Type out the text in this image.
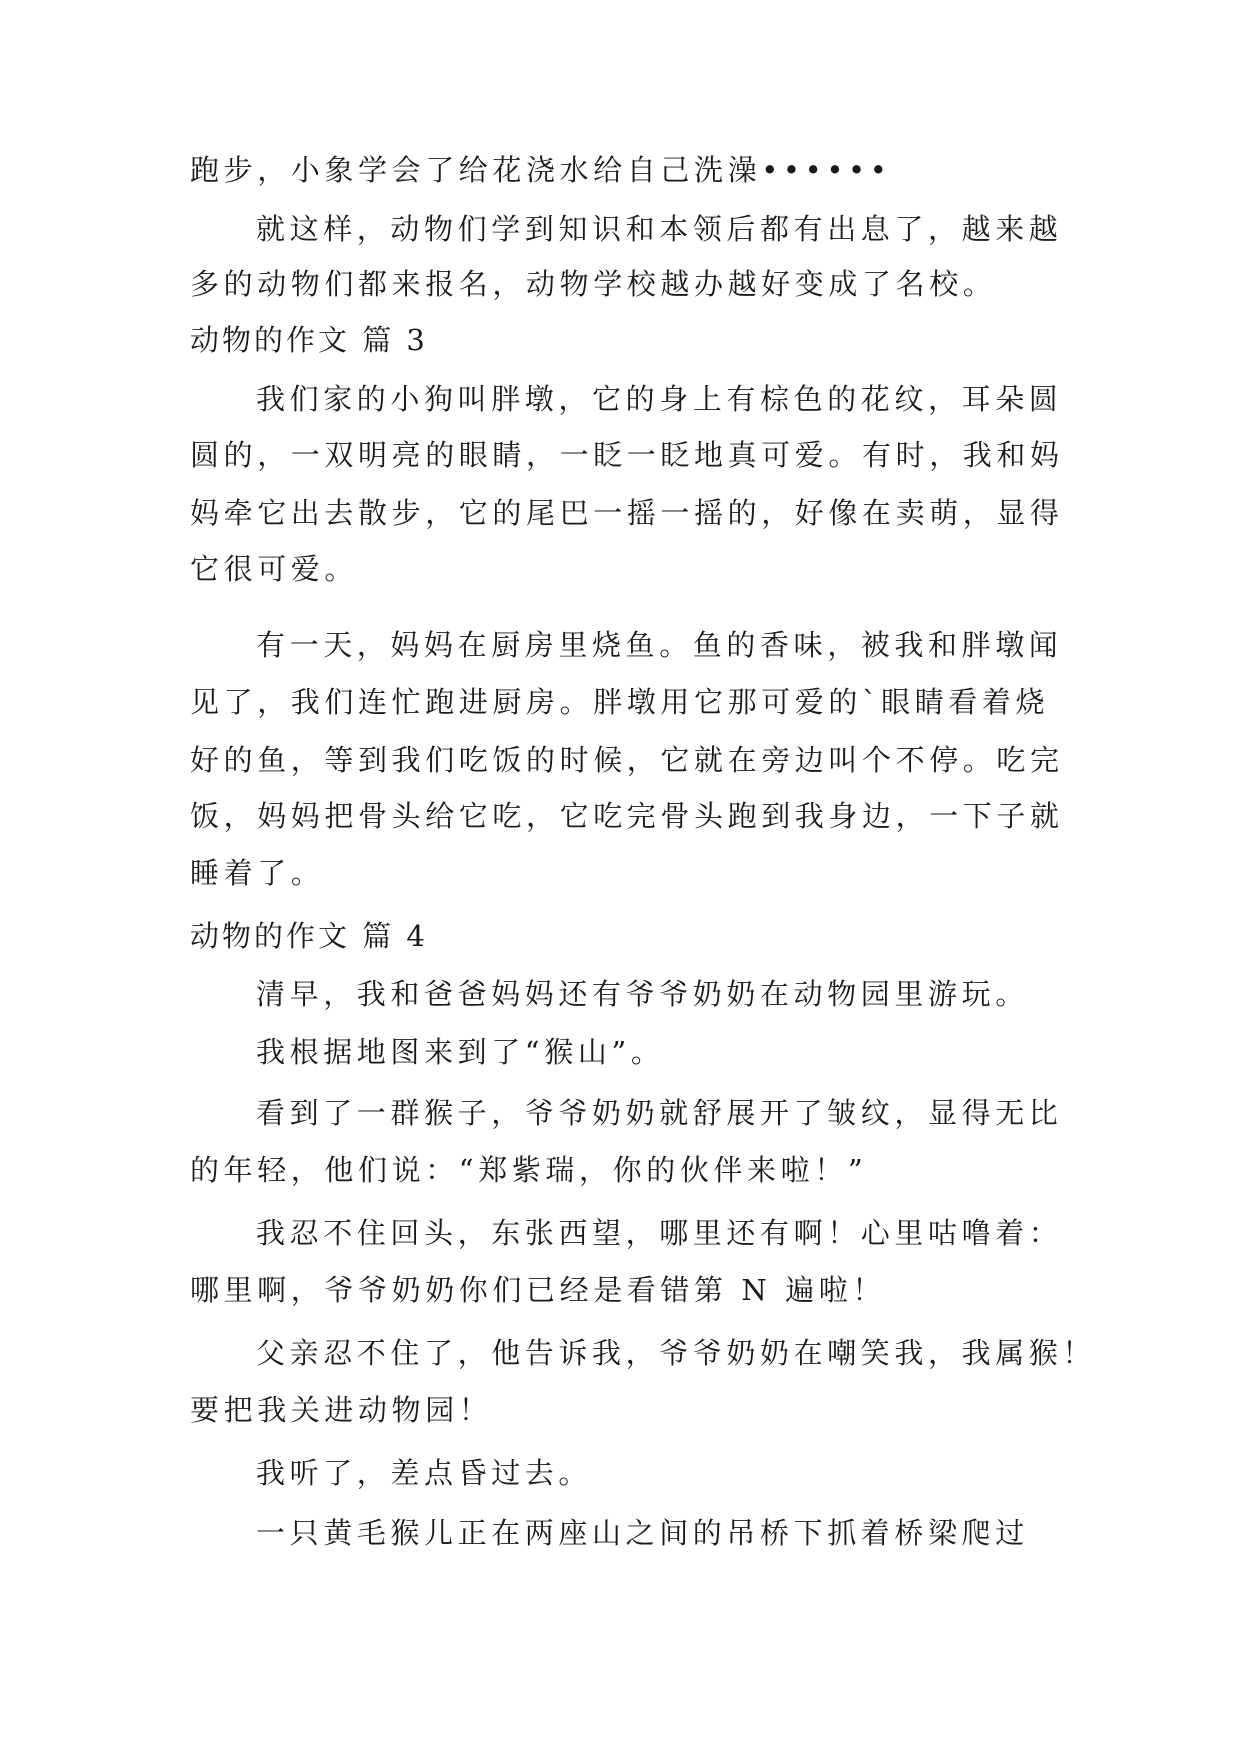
跑步，小象学会了给花浇水给自己洗澡••••••
就这样，动物们学到知识和本领后都有出息了，越来越
多的动物们都来报名，动物学校越办越好变成了名校。
动物的作文 篇 3
我们家的小狗叫胖墩，它的身上有棕色的花纹，耳朵圆
圆的，一双明亮的眼睛，一眨一眨地真可爱。有时，我和妈
妈牵它出去散步，它的尾巴一摇一摇的，好像在卖萌，显得
它很可爱。
有一天，妈妈在厨房里烧鱼。鱼的香味，被我和胖墩闻
见了，我们连忙跑进厨房。胖墩用它那可爱的`眼睛看着烧
好的鱼，等到我们吃饭的时候，它就在旁边叫个不停。吃完
饭，妈妈把骨头给它吃，它吃完骨头跑到我身边，一下子就
睡着了。
动物的作文 篇 4
清早，我和爸爸妈妈还有爷爷奶奶在动物园里游玩。
我根据地图来到了“猴山”。
看到了一群猴子，爷爷奶奶就舒展开了皱纹，显得无比
的年轻，他们说：“郑紫瑞，你的伙伴来啦！”
我忍不住回头，东张西望，哪里还有啊！心里咕噜着：
哪里啊，爷爷奶奶你们已经是看错第 N 遍啦！
父亲忍不住了，他告诉我，爷爷奶奶在嘲笑我，我属猴！
要把我关进动物园！
我听了，差点昏过去。
一只黄毛猴儿正在两座山之间的吊桥下抓着桥梁爬过
